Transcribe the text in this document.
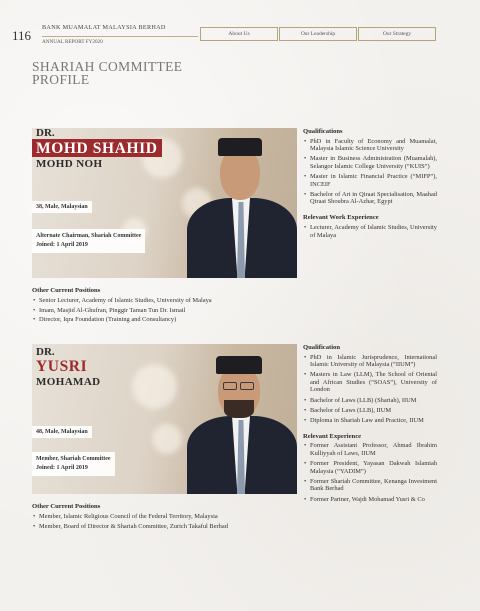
116
BANK MUAMALAT MALAYSIA BERHAD
ANNUAL REPORT FY2020
About Us	Our Leadership	Our Strategy
SHARIAH COMMITTEE
PROFILE
DR.
MOHD SHAHID
MOHD NOH
38, Male, Malaysian
Alternate Chairman, Shariah Committee
Joined: 1 April 2019
Qualifications
• PhD in Faculty of Economy and Muamalat, Malaysia Islamic Science University
• Master in Business Administration (Muamalah), Selangor Islamic College University (“KUIS”)
• Master in Islamic Financial Practice (“MIFP”), INCEIF
• Bachelor of Art in Qiraat Specialisation, Maahad Qiraat Shoubra Al-Azhar, Egypt
Relevant Work Experience
• Lecturer, Academy of Islamic Studies, University of Malaya
Other Current Positions
• Senior Lecturer, Academy of Islamic Studies, University of Malaya
• Imam, Masjid Al-Ghufran, Pinggir Taman Tun Dr. Ismail
• Director, Iqra Foundation (Training and Consultancy)
DR.
YUSRI
MOHAMAD
48, Male, Malaysian
Member, Shariah Committee
Joined: 1 April 2019
Qualification
• PhD in Islamic Jurisprudence, International Islamic University of Malaysia (“IIUM”)
• Masters in Law (LLM), The School of Oriental and African Studies (“SOAS”), University of London
• Bachelor of Laws (LLB) (Shariah), IIUM
• Bachelor of Laws (LLB), IIUM
• Diploma in Shariah Law and Practice, IIUM
Relevant Experience
• Former Assistant Professor, Ahmad Ibrahim Kulliyyah of Laws, IIUM
• Former President, Yayasan Dakwah Islamiah Malaysia (“YADIM”)
• Former Shariah Committee, Kenanga Investment Bank Berhad
• Former Partner, Wajdi Mohamad Yusri & Co
Other Current Positions
• Member, Islamic Religious Council of the Federal Territory, Malaysia
• Member, Board of Director & Shariah Committee, Zurich Takaful Berhad
